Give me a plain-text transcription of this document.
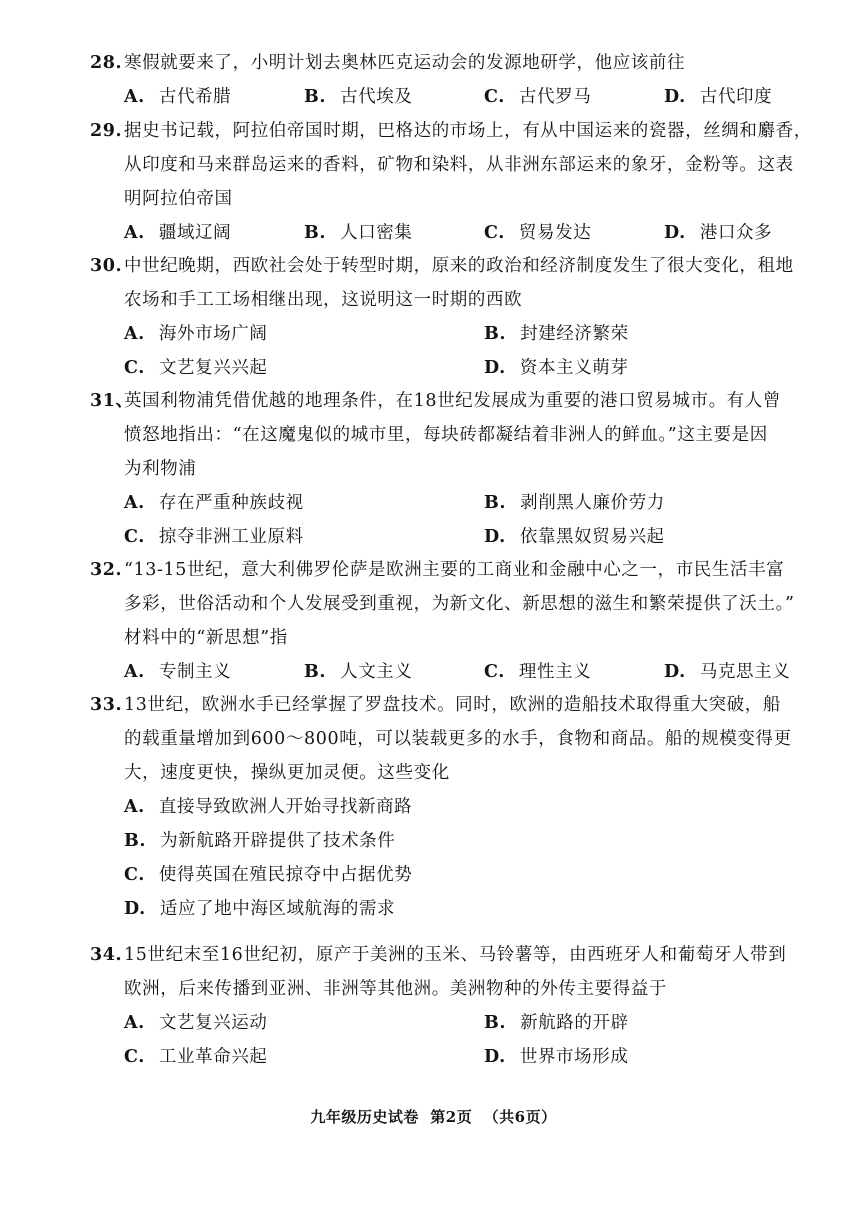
28. 寒假就要来了，小明计划去奥林匹克运动会的发源地研学，他应该前往
A. 古代希腊	B. 古代埃及	C. 古代罗马	D. 古代印度
29. 据史书记载，阿拉伯帝国时期，巴格达的市场上，有从中国运来的瓷器，丝绸和麝香，
从印度和马来群岛运来的香料，矿物和染料，从非洲东部运来的象牙，金粉等。这表
明阿拉伯帝国
A. 疆域辽阔	B. 人口密集	C. 贸易发达	D. 港口众多
30. 中世纪晚期，西欧社会处于转型时期，原来的政治和经济制度发生了很大变化，租地
农场和手工工场相继出现，这说明这一时期的西欧
A. 海外市场广阔	B. 封建经济繁荣
C. 文艺复兴兴起	D. 资本主义萌芽
31、英国利物浦凭借优越的地理条件，在18世纪发展成为重要的港口贸易城市。有人曾
愤怒地指出：“在这魔鬼似的城市里，每块砖都凝结着非洲人的鲜血。”这主要是因
为利物浦
A. 存在严重种族歧视	B. 剥削黑人廉价劳力
C. 掠夺非洲工业原料	D. 依靠黑奴贸易兴起
32. “13-15世纪，意大利佛罗伦萨是欧洲主要的工商业和金融中心之一，市民生活丰富
多彩，世俗活动和个人发展受到重视，为新文化、新思想的滋生和繁荣提供了沃土。”
材料中的“新思想”指
A. 专制主义	B. 人文主义	C. 理性主义	D. 马克思主义
33. 13世纪，欧洲水手已经掌握了罗盘技术。同时，欧洲的造船技术取得重大突破，船
的载重量增加到600～800吨，可以装载更多的水手，食物和商品。船的规模变得更
大，速度更快，操纵更加灵便。这些变化
A. 直接导致欧洲人开始寻找新商路
B. 为新航路开辟提供了技术条件
C. 使得英国在殖民掠夺中占据优势
D. 适应了地中海区域航海的需求
34. 15世纪末至16世纪初，原产于美洲的玉米、马铃薯等，由西班牙人和葡萄牙人带到
欧洲，后来传播到亚洲、非洲等其他洲。美洲物种的外传主要得益于
A. 文艺复兴运动	B. 新航路的开辟
C. 工业革命兴起	D. 世界市场形成
九年级历史试卷  第2页  （共6页）
